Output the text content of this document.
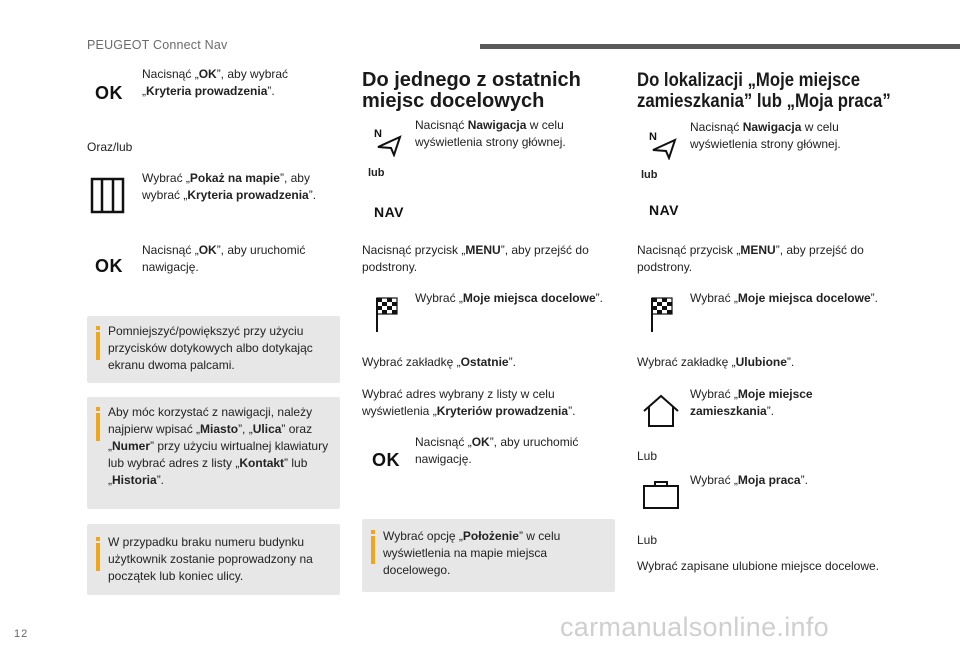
PEUGEOT Connect Nav
OK
Nacisnąć „OK”, aby wybrać
„Kryteria prowadzenia”.
Oraz/lub
Wybrać „Pokaż na mapie”, aby
wybrać „Kryteria prowadzenia”.
OK
Nacisnąć „OK”, aby uruchomić
nawigację.
Pomniejszyć/powiększyć przy użyciu
przycisków dotykowych albo dotykając
ekranu dwoma palcami.
Aby móc korzystać z nawigacji, należy
najpierw wpisać „Miasto”, „Ulica” oraz
„Numer” przy użyciu wirtualnej klawiatury
lub wybrać adres z listy „Kontakt” lub
„Historia”.
W przypadku braku numeru budynku
użytkownik zostanie poprowadzony na
początek lub koniec ulicy.
Do jednego z ostatnich
miejsc docelowych
N
Nacisnąć Nawigacja w celu
wyświetlenia strony głównej.
lub
NAV
Nacisnąć przycisk „MENU”, aby przejść do
podstrony.
Wybrać „Moje miejsca docelowe”.
Wybrać zakładkę „Ostatnie”.
Wybrać adres wybrany z listy w celu
wyświetlenia „Kryteriów prowadzenia”.
OK
Nacisnąć „OK”, aby uruchomić
nawigację.
Wybrać opcję „Położenie” w celu
wyświetlenia na mapie miejsca
docelowego.
Do lokalizacji „Moje miejsce
zamieszkania” lub „Moja praca”
N
Nacisnąć Nawigacja w celu
wyświetlenia strony głównej.
lub
NAV
Nacisnąć przycisk „MENU”, aby przejść do
podstrony.
Wybrać „Moje miejsca docelowe”.
Wybrać zakładkę „Ulubione”.
Wybrać „Moje miejsce
zamieszkania”.
Lub
Wybrać „Moja praca”.
Lub
Wybrać zapisane ulubione miejsce docelowe.
12	carmanualsonline.info
